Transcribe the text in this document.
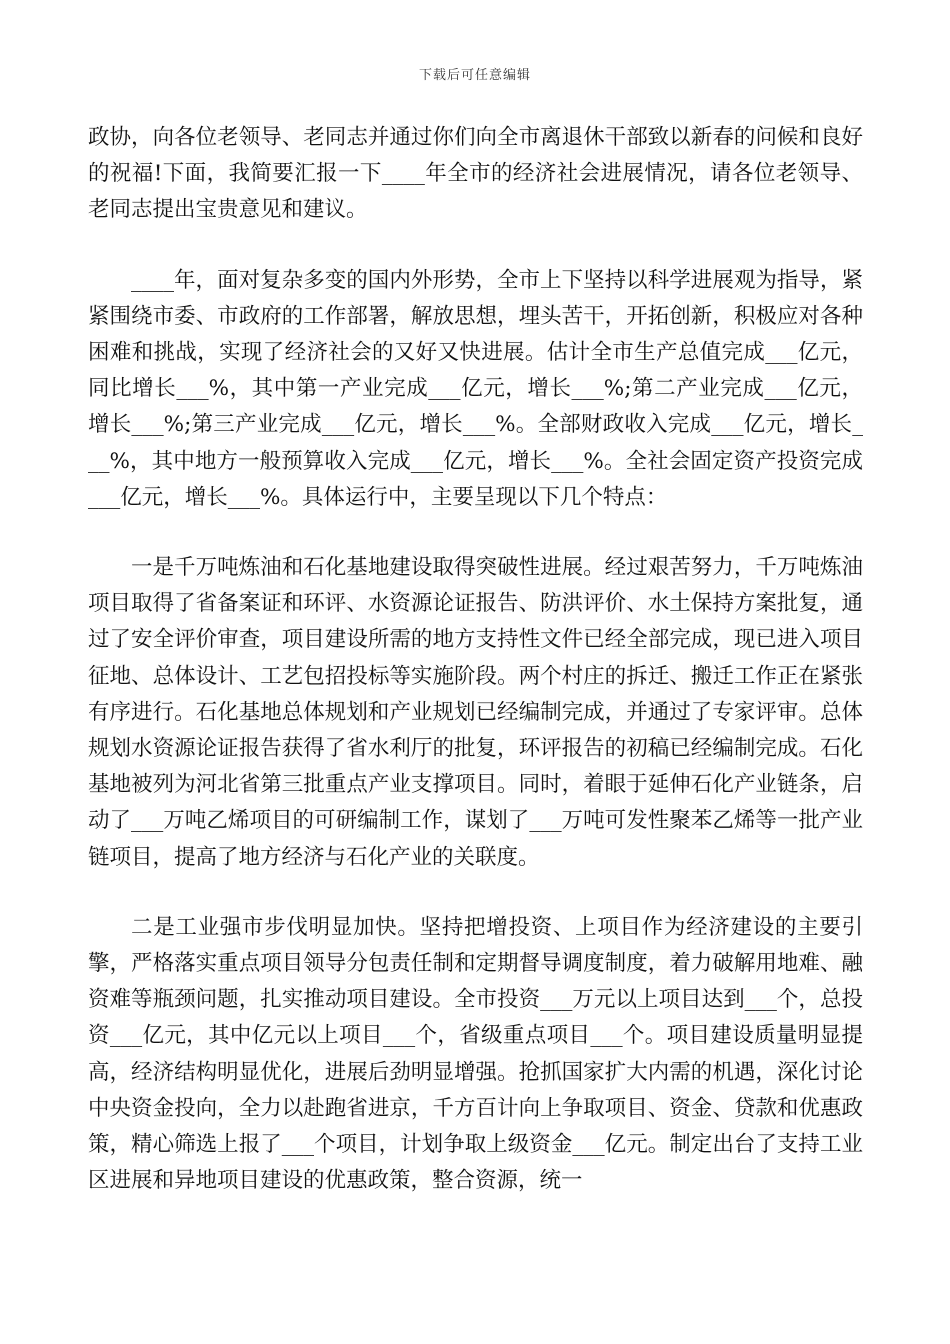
下载后可任意编辑

政协，向各位老领导、老同志并通过你们向全市离退休干部致以新春的问候和良好的祝福!下面，我简要汇报一下____年全市的经济社会进展情况，请各位老领导、老同志提出宝贵意见和建议。

____年，面对复杂多变的国内外形势，全市上下坚持以科学进展观为指导，紧紧围绕市委、市政府的工作部署，解放思想，埋头苦干，开拓创新，积极应对各种困难和挑战，实现了经济社会的又好又快进展。估计全市生产总值完成___亿元，同比增长___%，其中第一产业完成___亿元，增长___%;第二产业完成___亿元，增长___%;第三产业完成___亿元，增长___%。全部财政收入完成___亿元，增长___%，其中地方一般预算收入完成___亿元，增长___%。全社会固定资产投资完成___亿元，增长___%。具体运行中，主要呈现以下几个特点：

一是千万吨炼油和石化基地建设取得突破性进展。经过艰苦努力，千万吨炼油项目取得了省备案证和环评、水资源论证报告、防洪评价、水土保持方案批复，通过了安全评价审查，项目建设所需的地方支持性文件已经全部完成，现已进入项目征地、总体设计、工艺包招投标等实施阶段。两个村庄的拆迁、搬迁工作正在紧张有序进行。石化基地总体规划和产业规划已经编制完成，并通过了专家评审。总体规划水资源论证报告获得了省水利厅的批复，环评报告的初稿已经编制完成。石化基地被列为河北省第三批重点产业支撑项目。同时，着眼于延伸石化产业链条，启动了___万吨乙烯项目的可研编制工作，谋划了___万吨可发性聚苯乙烯等一批产业链项目，提高了地方经济与石化产业的关联度。

二是工业强市步伐明显加快。坚持把增投资、上项目作为经济建设的主要引擎，严格落实重点项目领导分包责任制和定期督导调度制度，着力破解用地难、融资难等瓶颈问题，扎实推动项目建设。全市投资___万元以上项目达到___个，总投资___亿元，其中亿元以上项目___个，省级重点项目___个。项目建设质量明显提高，经济结构明显优化，进展后劲明显增强。抢抓国家扩大内需的机遇，深化讨论中央资金投向，全力以赴跑省进京，千方百计向上争取项目、资金、贷款和优惠政策，精心筛选上报了___个项目，计划争取上级资金___亿元。制定出台了支持工业区进展和异地项目建设的优惠政策，整合资源，统一
